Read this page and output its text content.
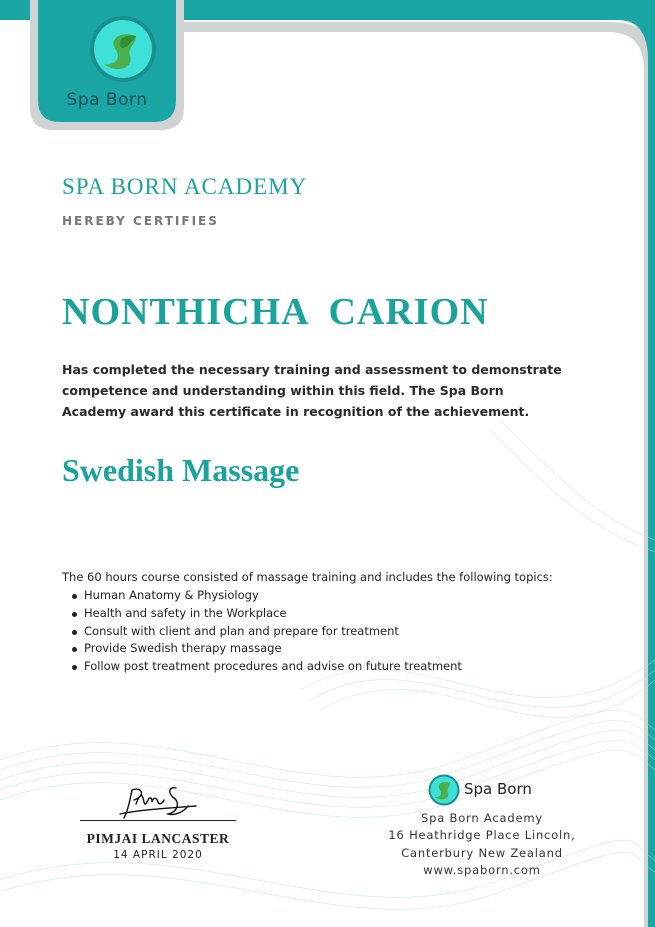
Spa Born
SPA BORN ACADEMY
HEREBY CERTIFIES
NONTHICHA  CARION
Has completed the necessary training and assessment to demonstrate competence and understanding within this field. The Spa Born Academy award this certificate in recognition of the achievement.
Swedish Massage
The 60 hours course consisted of massage training and includes the following topics:
Human Anatomy & Physiology
Health and safety in the Workplace
Consult with client and plan and prepare for treatment
Provide Swedish therapy massage
Follow post treatment procedures and advise on future treatment
PIMJAI LANCASTER
14 APRIL 2020
Spa Born
Spa Born Academy
16 Heathridge Place Lincoln,
Canterbury New Zealand
www.spaborn.com
